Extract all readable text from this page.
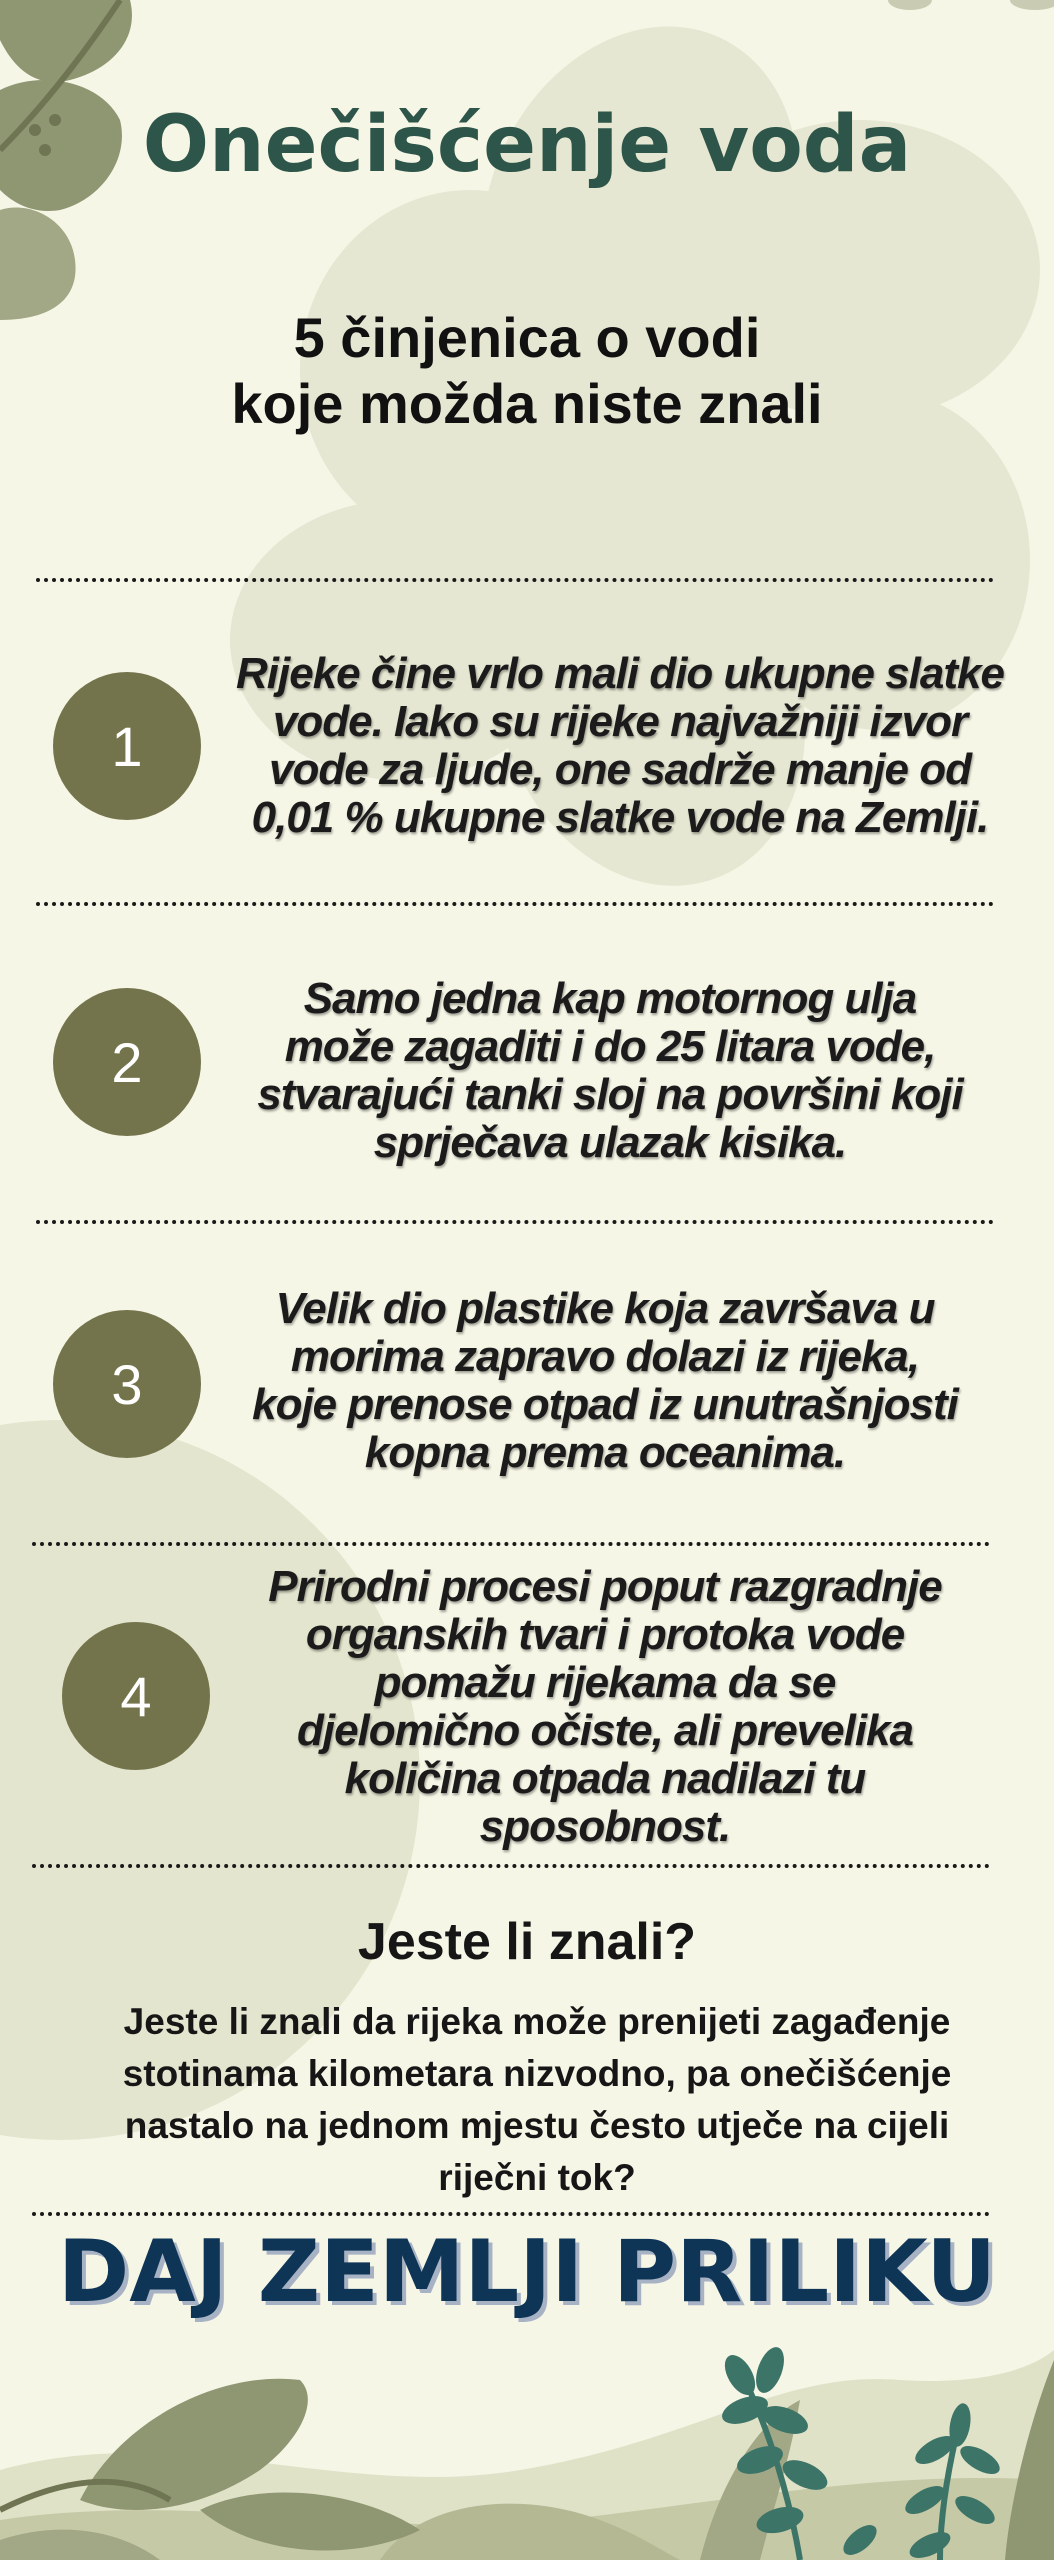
Onečišćenje voda
5 činjenica o vodi
koje možda niste znali
1
Rijeke čine vrlo mali dio ukupne slatke
vode. Iako su rijeke najvažniji izvor
vode za ljude, one sadrže manje od
0,01 % ukupne slatke vode na Zemlji.
2
Samo jedna kap motornog ulja
može zagaditi i do 25 litara vode,
stvarajući tanki sloj na površini koji
sprječava ulazak kisika.
3
Velik dio plastike koja završava u
morima zapravo dolazi iz rijeka,
koje prenose otpad iz unutrašnjosti
kopna prema oceanima.
4
Prirodni procesi poput razgradnje
organskih tvari i protoka vode
pomažu rijekama da se
djelomično očiste, ali prevelika
količina otpada nadilazi tu
sposobnost.
Jeste li znali?
Jeste li znali da rijeka može prenijeti zagađenje
stotinama kilometara nizvodno, pa onečišćenje
nastalo na jednom mjestu često utječe na cijeli
riječni tok?
DAJ ZEMLJI PRILIKU
